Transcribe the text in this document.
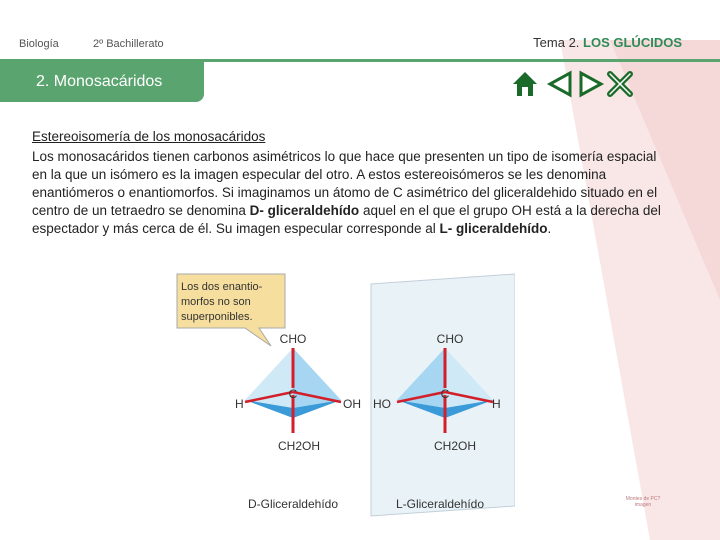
Biología	2º Bachillerato	Tema 2. LOS GLÚCIDOS
2. Monosacáridos
Estereoisomería de los monosacáridos
Los monosacáridos tienen carbonos asimétricos lo que hace que presenten un tipo de isomería espacial en la que un isómero es la imagen especular del otro. A estos estereoisómeros se les denomina enantiómeros o enantiomorfos. Si imaginamos un átomo de C asimétrico del gliceraldehido situado en el centro de un tetraedro se denomina D- gliceraldehído aquel en el que el grupo OH está a la derecha del espectador y más cerca de él. Su imagen especular corresponde al L- gliceraldehído.
Los dos enantio-
morfos no son
superponibles.
CHO
C
H	OH
CH2OH
D-Gliceraldehído
CHO
C
HO	H
CH2OH
L-Gliceraldehído	Montes de PC?
imagen
